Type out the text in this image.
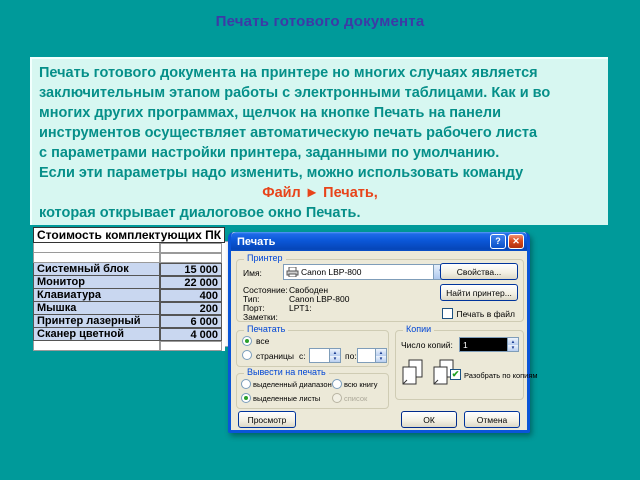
Печать готового документа
Печать готового документа на принтере но многих случаях является
заключительным этапом работы с электронными таблицами. Как и во
многих других программах, щелчок на кнопке Печать на панели
инструментов осуществляет автоматическую печать рабочего листа
с параметрами настройки принтера, заданными по умолчанию.
Если эти параметры надо изменить, можно использовать команду
Файл ► Печать,
которая открывает диалоговое окно Печать.
Стоимость комплектующих ПК

Системный блок		15 000

Монитор		22 000

Клавиатура		400

Мышка		200

Принтер лазерный		6 000

Сканер цветной		4 000

Печать	?	✕
Принтер
Имя:	Canon LBP-800	Свойства...
Состояние: Свободен
Тип:	Canon LBP-800
Порт:	LPT1:
Заметки:
Найти принтер...
Печать в файл
Печатать
все
страницы с:	▲
▼ по:	▲
▼
Копии
Число копий:	1	▲
▼
✔ Разобрать по копиям
Вывести на печать
выделенный диапазон всю книгу
выделенные листы	список
Просмотр	ОК	Отмена
